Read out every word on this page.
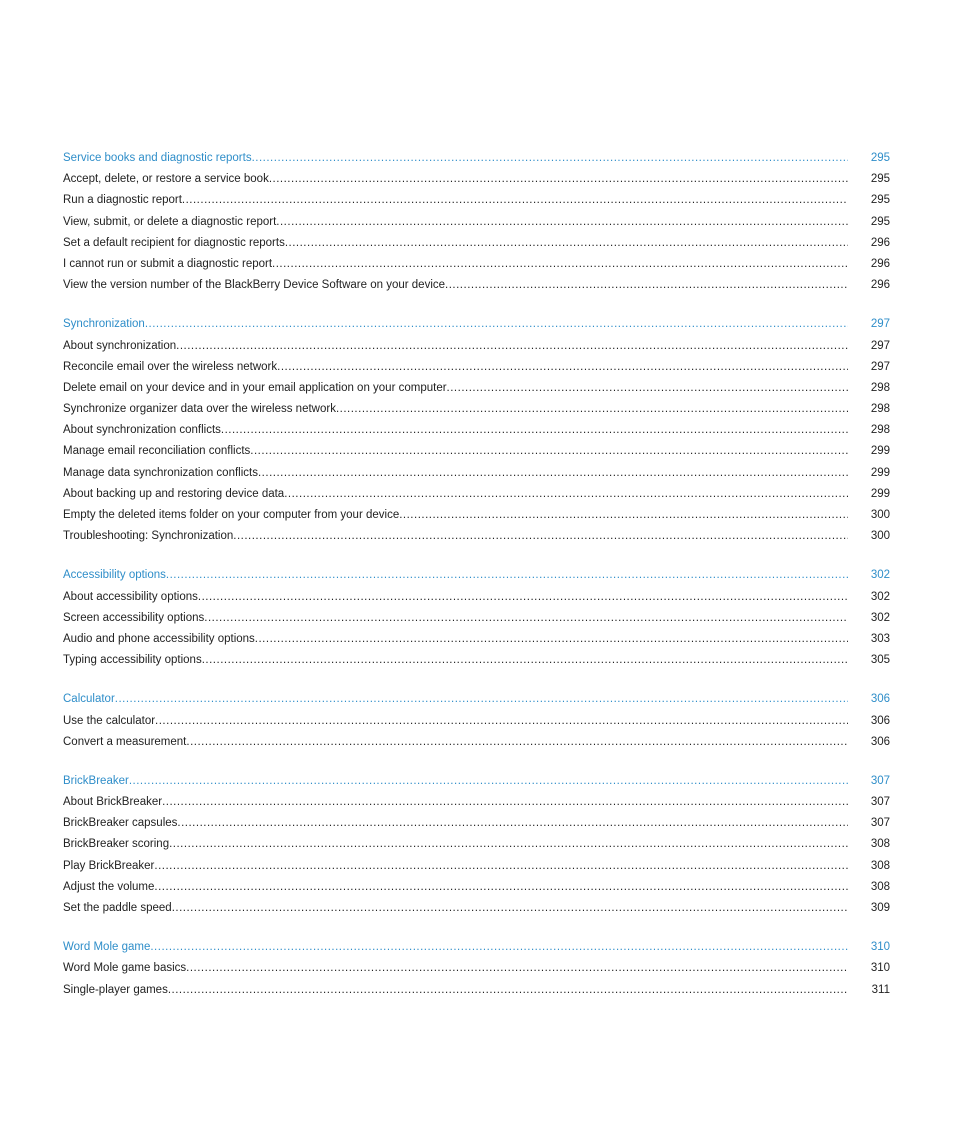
Service books and diagnostic reports .....	295
Accept, delete, or restore a service book .....	295
Run a diagnostic report .....	295
View, submit, or delete a diagnostic report .....	295
Set a default recipient for diagnostic reports .....	296
I cannot run or submit a diagnostic report .....	296
View the version number of the BlackBerry Device Software on your device .....	296
Synchronization .....	297
About synchronization .....	297
Reconcile email over the wireless network .....	297
Delete email on your device and in your email application on your computer .....	298
Synchronize organizer data over the wireless network .....	298
About synchronization conflicts .....	298
Manage email reconciliation conflicts .....	299
Manage data synchronization conflicts .....	299
About backing up and restoring device data .....	299
Empty the deleted items folder on your computer from your device .....	300
Troubleshooting: Synchronization .....	300
Accessibility options .....	302
About accessibility options .....	302
Screen accessibility options .....	302
Audio and phone accessibility options .....	303
Typing accessibility options .....	305
Calculator .....	306
Use the calculator .....	306
Convert a measurement .....	306
BrickBreaker .....	307
About BrickBreaker .....	307
BrickBreaker capsules .....	307
BrickBreaker scoring .....	308
Play BrickBreaker .....	308
Adjust the volume .....	308
Set the paddle speed .....	309
Word Mole game .....	310
Word Mole game basics .....	310
Single-player games .....	311
